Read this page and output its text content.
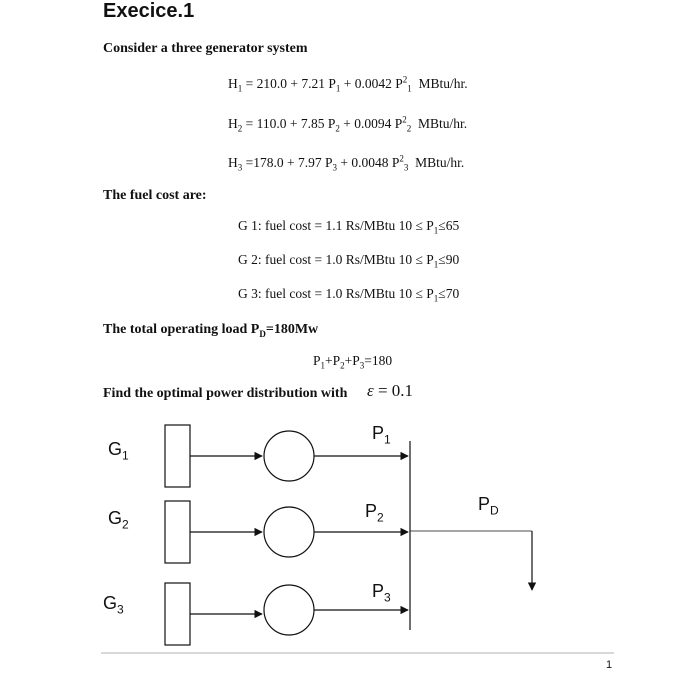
Execice.1
Consider a three generator system
$H_1 = 210.0 + 7.21$ $P_1 + 0.0042$ $P^2_1$ MBtu/hr.
$H_2 = 110.0 + 7.85$ $P_2 + 0.0094$ $P^2_2$ MBtu/hr.
$H_3 =178.0 + 7.97$ $P_3 + 0.0048$ $P^2_3$ MBtu/hr.
The fuel cost are:
G 1: fuel cost = 1.1 Rs/MBtu $10 \le P_1\le 65$
G 2: fuel cost = 1.0 Rs/MBtu $10 \le P_1\le 90$
G 3: fuel cost = 1.0 Rs/MBtu $10 \le P_1\le 70$
The total operating load $P_D=180Mw$
$P_1+P_2+P_3=180$
Find the optimal power distribution with ε = 0.1
$G_1$
$G_2$
$G_3$
$P_1$
$P_2$
$P_3$
$P_D$
1
